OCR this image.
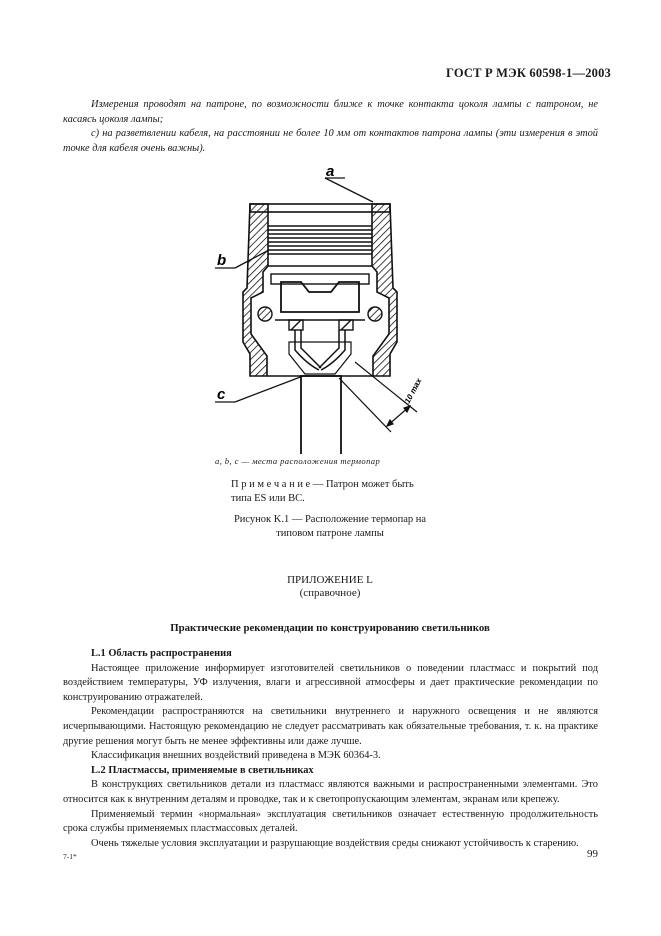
ГОСТ Р МЭК 60598-1—2003

Измерения проводят на патроне, по возможности ближе к точке контакта цоколя лампы с патроном, не касаясь цоколя лампы;

c) на разветвлении кабеля, на расстоянии не более 10 мм от контактов патрона лампы (эти измерения в этой точке для кабеля очень важны).

a
b
c	10 max
a, b, c — места расположения термопар
П р и м е ч а н и е — Патрон может быть
типа ES или BC.
Рисунок K.1 — Расположение термопар на
типовом патроне лампы
ПРИЛОЖЕНИЕ L
(справочное)
Практические рекомендации по конструированию светильников

L.1 Область распространения

Настоящее приложение информирует изготовителей светильников о поведении пластмасс и покрытий под воздействием температуры, УФ излучения, влаги и агрессивной атмосферы и дает практические рекомендации по конструированию отражателей.

Рекомендации распространяются на светильники внутреннего и наружного освещения и не являются исчерпывающими. Настоящую рекомендацию не следует рассматривать как обязательные требования, т. к. на практике другие решения могут быть не менее эффективны или даже лучше.

Классификация внешних воздействий приведена в МЭК 60364-3.

L.2 Пластмассы, применяемые в светильниках

В конструкциях светильников детали из пластмасс являются важными и распространенными элементами. Это относится как к внутренним деталям и проводке, так и к светопропускающим элементам, экранам или крепежу.

Применяемый термин «нормальная» эксплуатация светильников означает естественную продолжительность срока службы применяемых пластмассовых деталей.

Очень тяжелые условия эксплуатации и разрушающие воздействия среды снижают устойчивость к старению.

7-1*	99
